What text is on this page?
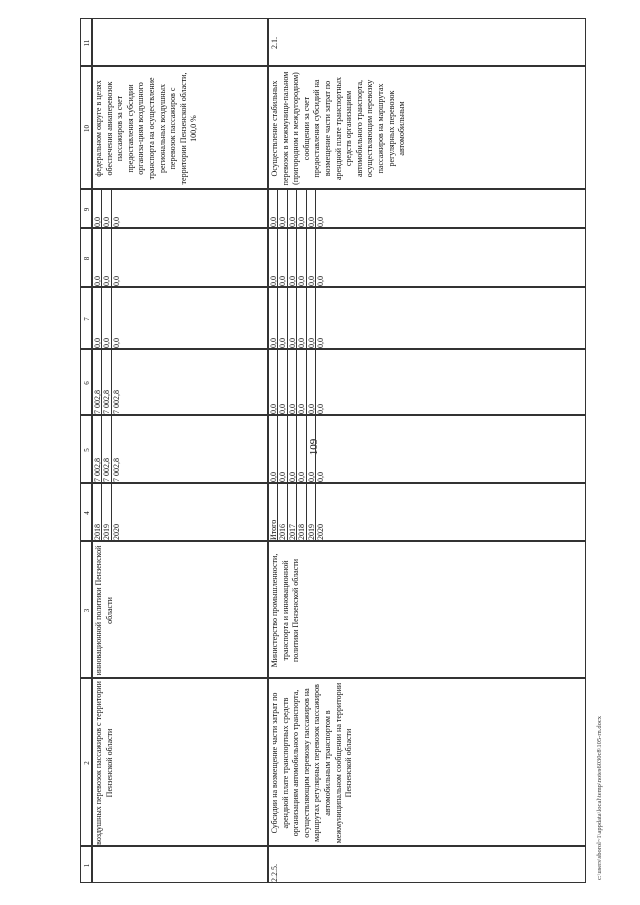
109
1
2
3
4
5
6
7
8
9
10
11
воздушных перевозок пассажиров с территории Пензенской области
инновационной политики Пензенской области
2018 2019 2020
7 002,8 7 002,8 7 002,8
7 002,8 7 002,8 7 002,8
0,0 0,0 0,0
0,0 0,0 0,0
0,0 0,0 0,0
федеральном округе в целях обеспечения авиаперевозок пассажиров за счет предоставления субсидии организа-циям воздушного транспорта на осуществление региональных воздушных перевозок пассажиров с территории Пензенской области, 100,0 %
2.2.5.
Субсидии на возмещение части затрат по арендной плате транспортных средств организациям автомобильного транспорта, осуществляющим перевозку пассажиров на маршрутах регулярных перевозок пассажиров автомобильным транспортом в межмуниципальном сообщении на территории Пензенской области
Министерство промышленности, транспорта и инновационной политики Пензенской области
Итого 2016 2017 2018 2019 2020
0,0 0,0 0,0 0,0 0,0 0,0
0,0 0,0 0,0 0,0 0,0 0,0
0,0 0,0 0,0 0,0 0,0 0,0
0,0 0,0 0,0 0,0 0,0 0,0
0,0 0,0 0,0 0,0 0,0 0,0
Осуществление стабильных перевозок в межмуници-пальном (пригородном и междугородном) сообщении за счет предоставления субсидий на возмещение части затрат по арендной плате транспортных средств организациям автомобильного транспорта, осуществляющим перевозку пассажиров на маршрутах регулярных перевозок автомобильным
2.1.
c:\users\sborol~1\appdata\local\temp\notes6030c8\105-rn.docx
